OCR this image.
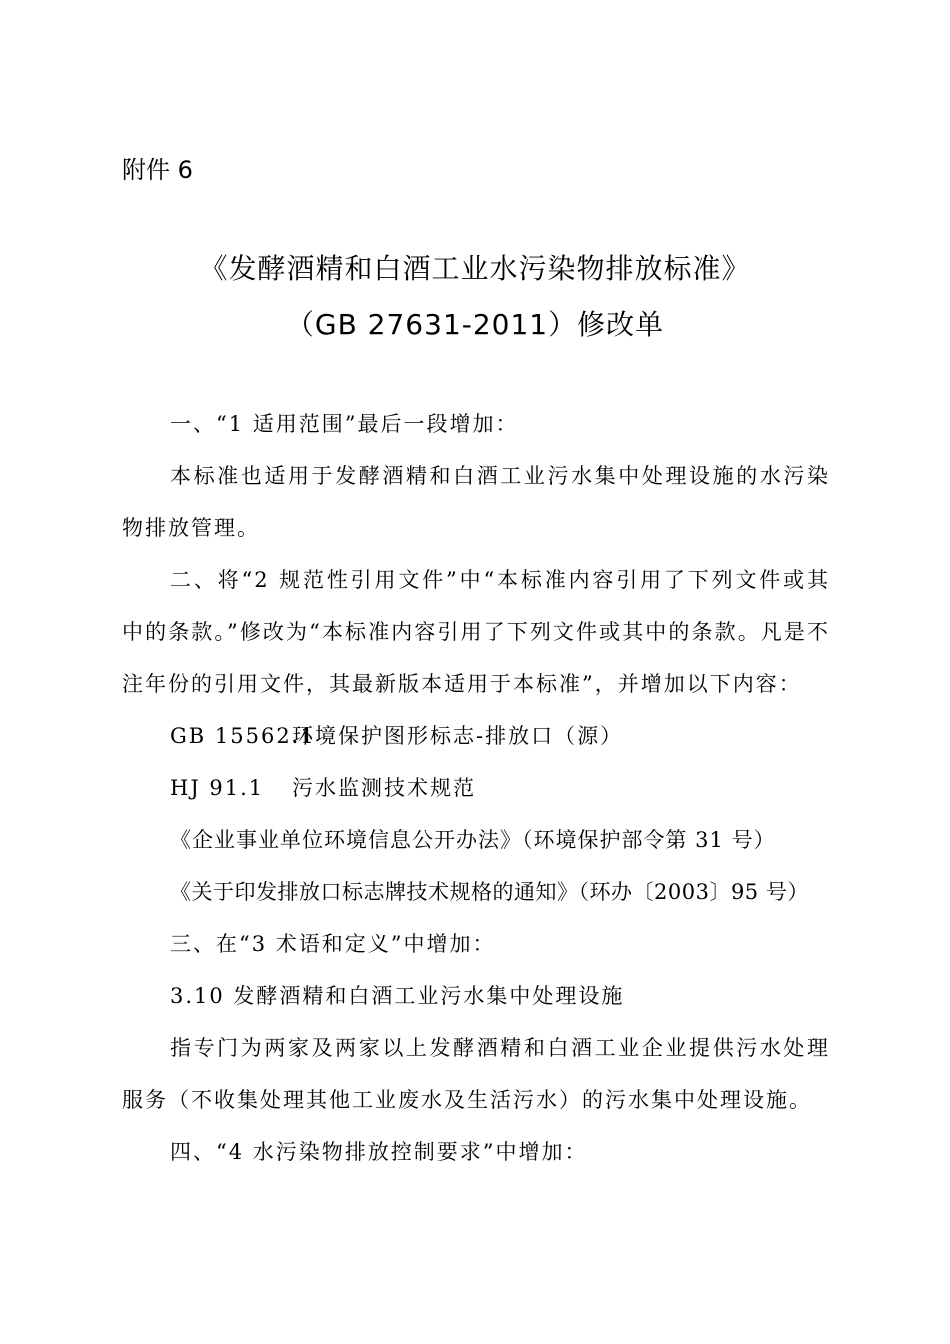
附件 6
《发酵酒精和白酒工业水污染物排放标准》
（GB 27631-2011）修改单

一、“1 适用范围”最后一段增加：

本标准也适用于发酵酒精和白酒工业污水集中处理设施的水污染物排放管理。

二、将“2 规范性引用文件”中“本标准内容引用了下列文件或其中的条款。”修改为“本标准内容引用了下列文件或其中的条款。凡是不注年份的引用文件，其最新版本适用于本标准”，并增加以下内容：

GB 15562.1环境保护图形标志-排放口（源）

HJ 91.1 污水监测技术规范

《企业事业单位环境信息公开办法》（环境保护部令第 31 号）

《关于印发排放口标志牌技术规格的通知》（环办〔2003〕95 号）

三、在“3 术语和定义”中增加：

3.10 发酵酒精和白酒工业污水集中处理设施

指专门为两家及两家以上发酵酒精和白酒工业企业提供污水处理服务（不收集处理其他工业废水及生活污水）的污水集中处理设施。

四、“4 水污染物排放控制要求”中增加：
